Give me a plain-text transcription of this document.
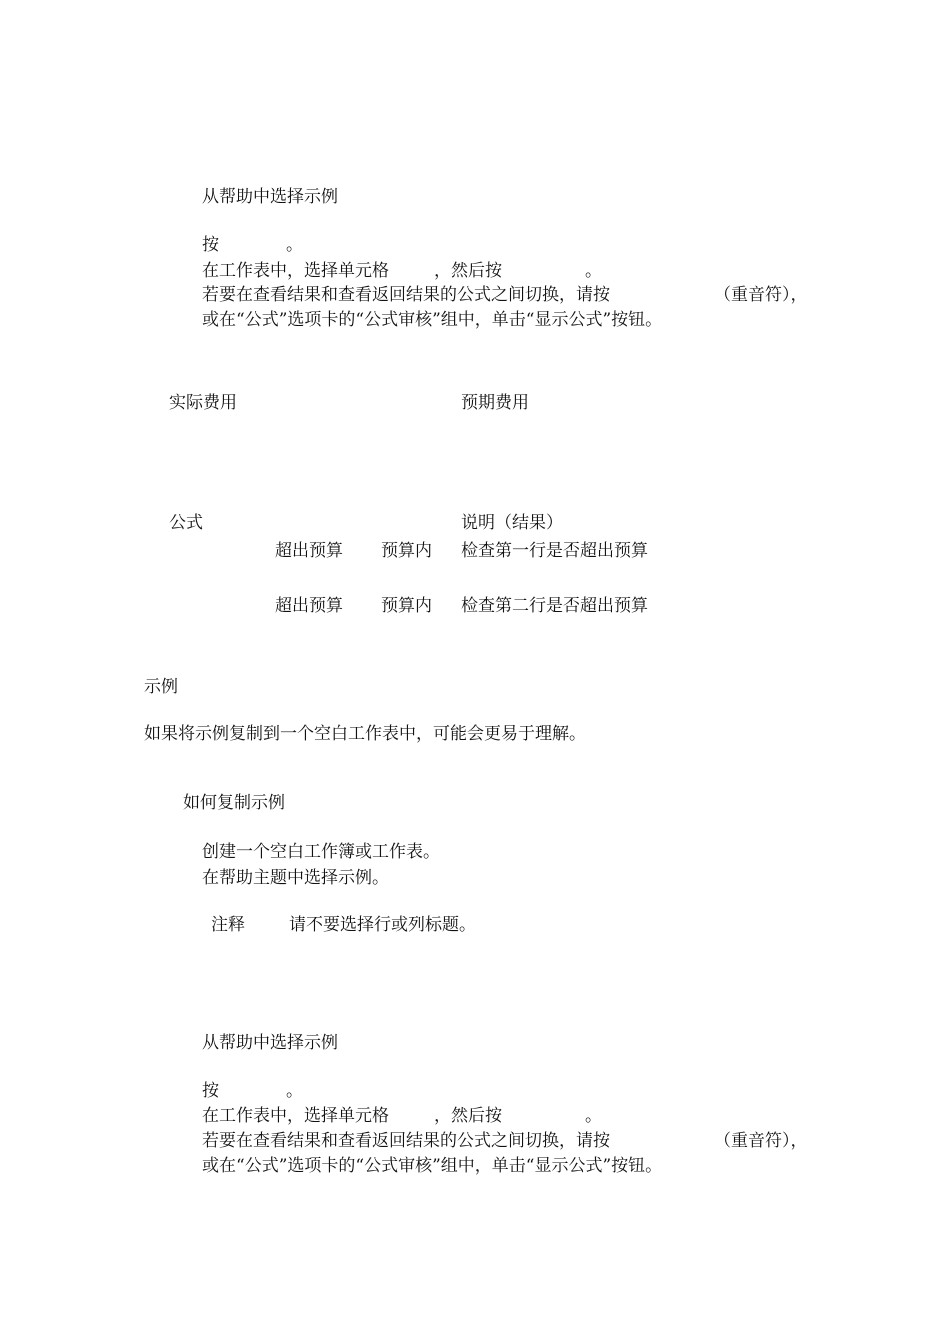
从帮助中选择示例
按	。
在工作表中，选择单元格	，然后按	。
若要在查看结果和查看返回结果的公式之间切换，请按	（重音符），
或在“公式”选项卡的“公式审核”组中，单击“显示公式”按钮。
实际费用	预期费用
公式	说明（结果）
超出预算 预算内 检查第一行是否超出预算
超出预算 预算内 检查第二行是否超出预算
示例
如果将示例复制到一个空白工作表中，可能会更易于理解。
如何复制示例
创建一个空白工作簿或工作表。
在帮助主题中选择示例。
注释	请不要选择行或列标题。
从帮助中选择示例
按	。
在工作表中，选择单元格	，然后按	。
若要在查看结果和查看返回结果的公式之间切换，请按	（重音符），
或在“公式”选项卡的“公式审核”组中，单击“显示公式”按钮。
